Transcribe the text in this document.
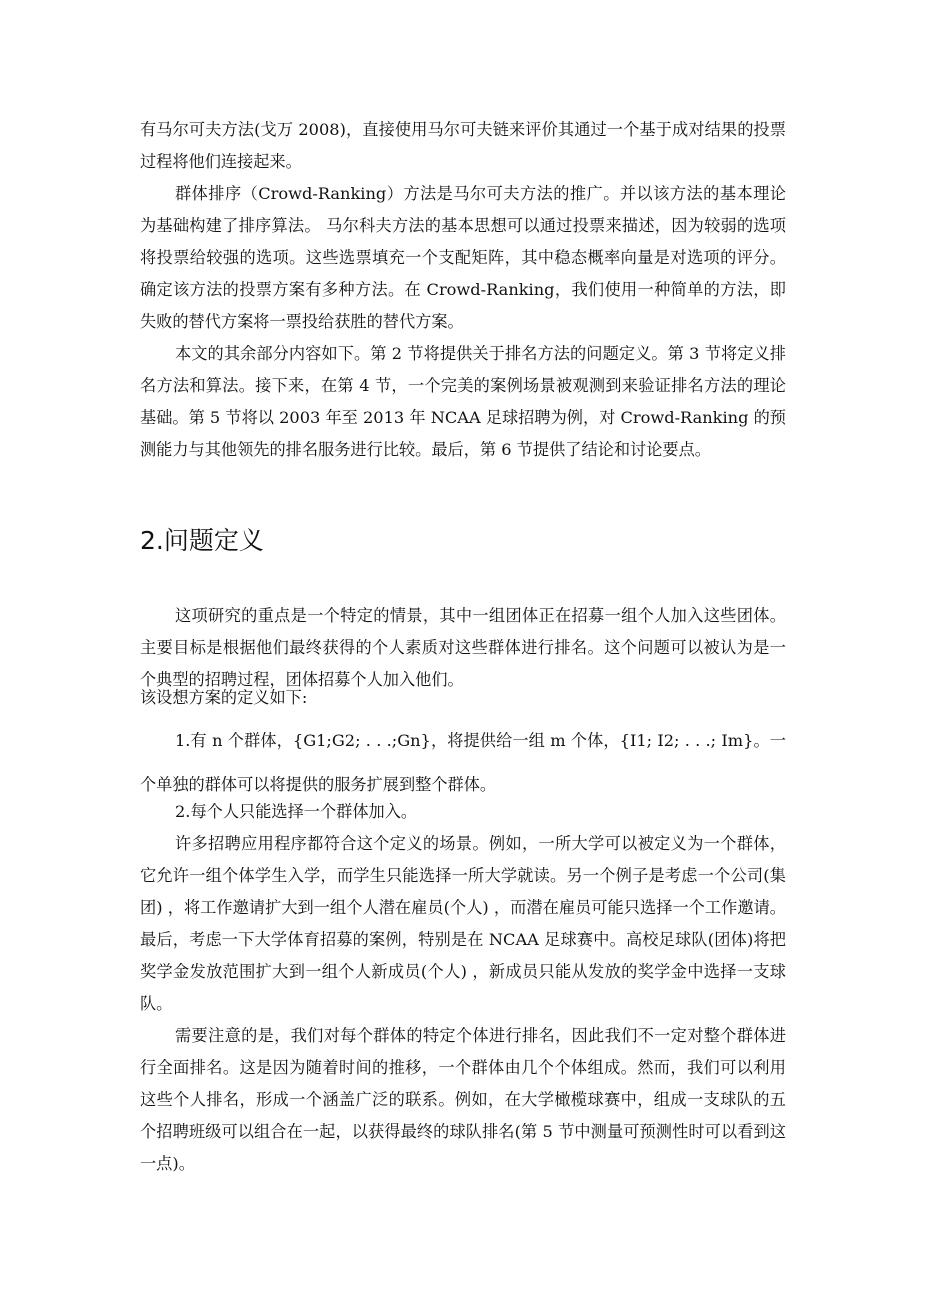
有马尔可夫方法(戈万 2008)，直接使用马尔可夫链来评价其通过一个基于成对结果的投票过程将他们连接起来。

群体排序（Crowd-Ranking）方法是马尔可夫方法的推广。并以该方法的基本理论为基础构建了排序算法。 马尔科夫方法的基本思想可以通过投票来描述，因为较弱的选项将投票给较强的选项。这些选票填充一个支配矩阵，其中稳态概率向量是对选项的评分。确定该方法的投票方案有多种方法。在 Crowd-Ranking，我们使用一种简单的方法，即失败的替代方案将一票投给获胜的替代方案。

本文的其余部分内容如下。第 2 节将提供关于排名方法的问题定义。第 3 节将定义排名方法和算法。接下来，在第 4 节，一个完美的案例场景被观测到来验证排名方法的理论基础。第 5 节将以 2003 年至 2013 年 NCAA 足球招聘为例，对 Crowd-Ranking 的预测能力与其他领先的排名服务进行比较。最后，第 6 节提供了结论和讨论要点。

2.问题定义

这项研究的重点是一个特定的情景，其中一组团体正在招募一组个人加入这些团体。主要目标是根据他们最终获得的个人素质对这些群体进行排名。这个问题可以被认为是一个典型的招聘过程，团体招募个人加入他们。

该设想方案的定义如下:

1.有 n 个群体，{G1;G2; . . .;Gn}，将提供给一组 m 个体，{I1; I2; . . .; Im}。一个单独的群体可以将提供的服务扩展到整个群体。

2.每个人只能选择一个群体加入。

许多招聘应用程序都符合这个定义的场景。例如，一所大学可以被定义为一个群体，它允许一组个体学生入学，而学生只能选择一所大学就读。另一个例子是考虑一个公司(集团) ，将工作邀请扩大到一组个人潜在雇员(个人) ，而潜在雇员可能只选择一个工作邀请。 最后，考虑一下大学体育招募的案例，特别是在 NCAA 足球赛中。高校足球队(团体)将把奖学金发放范围扩大到一组个人新成员(个人) ，新成员只能从发放的奖学金中选择一支球队。

需要注意的是，我们对每个群体的特定个体进行排名，因此我们不一定对整个群体进行全面排名。这是因为随着时间的推移，一个群体由几个个体组成。然而，我们可以利用这些个人排名，形成一个涵盖广泛的联系。例如，在大学橄榄球赛中，组成一支球队的五个招聘班级可以组合在一起，以获得最终的球队排名(第 5 节中测量可预测性时可以看到这一点)。
